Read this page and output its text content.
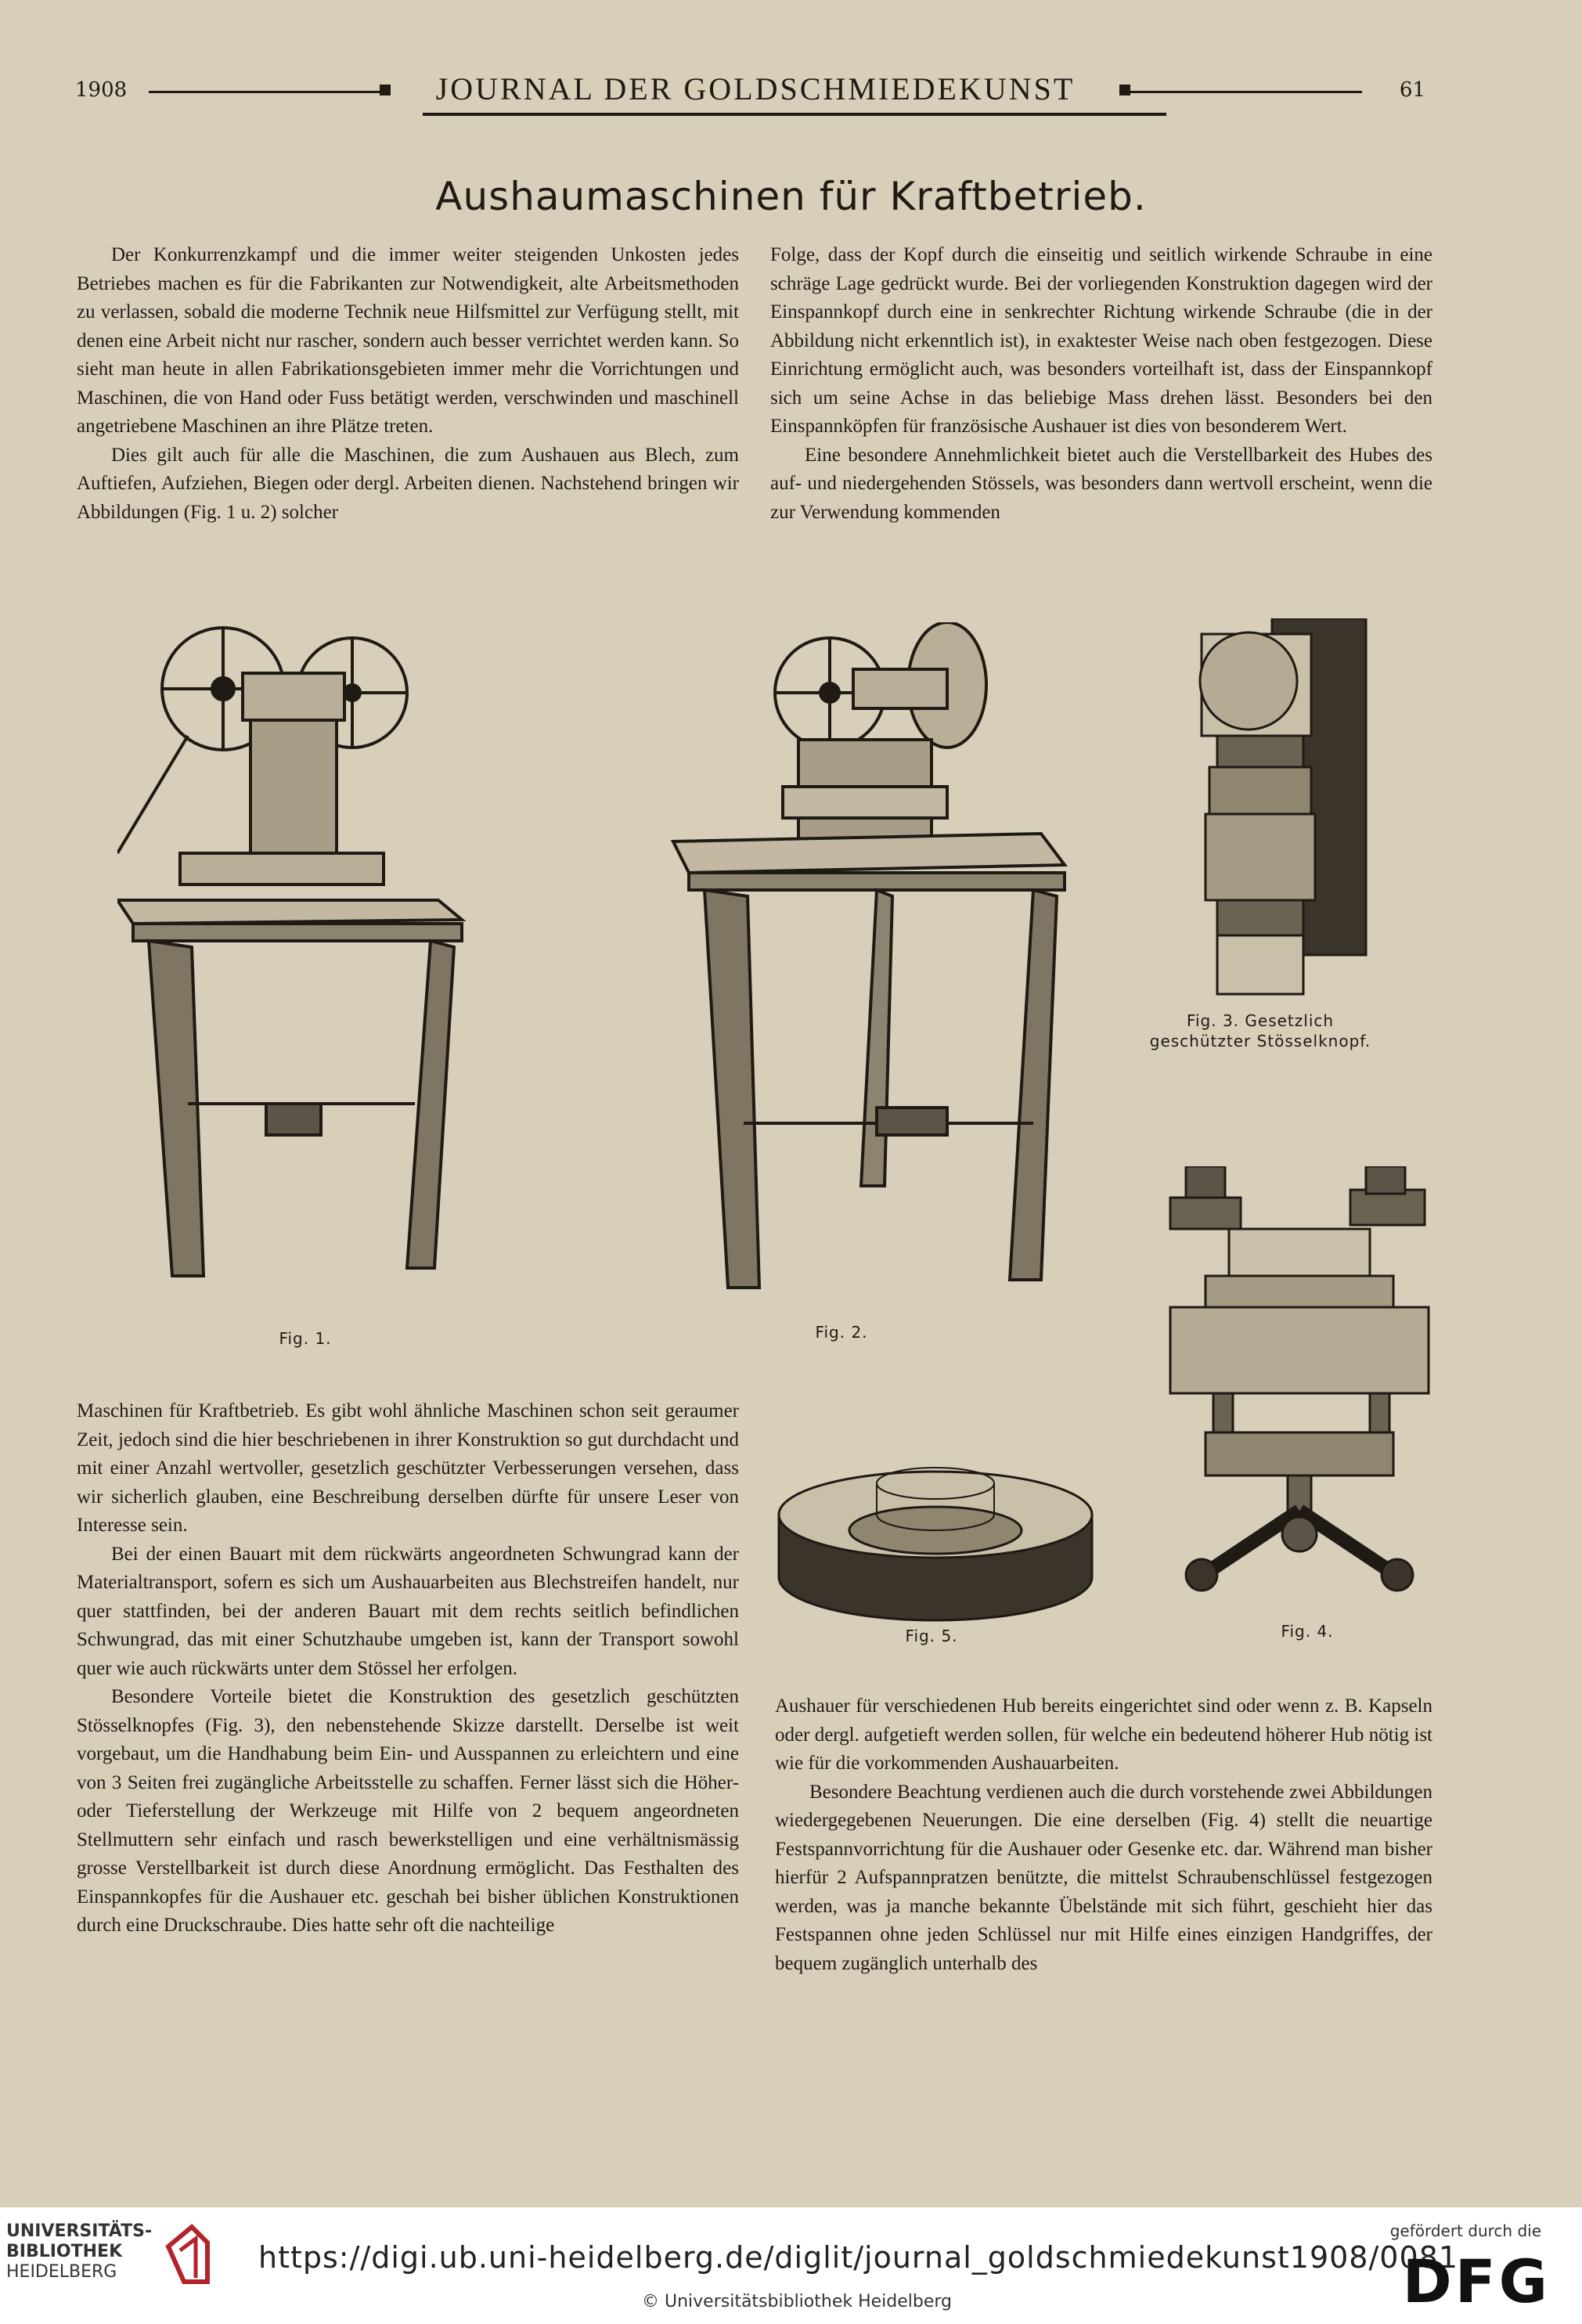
1908	JOURNAL DER GOLDSCHMIEDEKUNST	61
Aushaumaschinen für Kraftbetrieb.

Der Konkurrenzkampf und die immer weiter steigenden Unkosten jedes Betriebes machen es für die Fabrikanten zur Notwendigkeit, alte Arbeitsmethoden zu verlassen, sobald die moderne Technik neue Hilfsmittel zur Verfügung stellt, mit denen eine Arbeit nicht nur rascher, sondern auch besser verrichtet werden kann. So sieht man heute in allen Fabrikationsgebieten immer mehr die Vorrichtungen und Maschinen, die von Hand oder Fuss betätigt werden, verschwinden und maschinell angetriebene Maschinen an ihre Plätze treten.

Dies gilt auch für alle die Maschinen, die zum Aushauen aus Blech, zum Auftiefen, Aufziehen, Biegen oder dergl. Arbeiten dienen. Nachstehend bringen wir Abbildungen (Fig. 1 u. 2) solcher

Folge, dass der Kopf durch die einseitig und seitlich wirkende Schraube in eine schräge Lage gedrückt wurde. Bei der vorliegenden Konstruktion dagegen wird der Einspannkopf durch eine in senkrechter Richtung wirkende Schraube (die in der Abbildung nicht erkenntlich ist), in exaktester Weise nach oben festgezogen. Diese Einrichtung ermöglicht auch, was besonders vorteilhaft ist, dass der Einspannkopf sich um seine Achse in das beliebige Mass drehen lässt. Besonders bei den Einspannköpfen für französische Aushauer ist dies von besonderem Wert.

Eine besondere Annehmlichkeit bietet auch die Verstellbarkeit des Hubes des auf- und niedergehenden Stössels, was besonders dann wertvoll erscheint, wenn die zur Verwendung kommenden

Fig. 1.	Fig. 2.
Fig. 3. Gesetzlich
geschützter Stösselknopf.
Fig. 4.
Fig. 5.

Maschinen für Kraftbetrieb. Es gibt wohl ähnliche Maschinen schon seit geraumer Zeit, jedoch sind die hier beschriebenen in ihrer Konstruktion so gut durchdacht und mit einer Anzahl wertvoller, gesetzlich geschützter Verbesserungen versehen, dass wir sicherlich glauben, eine Beschreibung derselben dürfte für unsere Leser von Interesse sein.

Bei der einen Bauart mit dem rückwärts angeordneten Schwungrad kann der Materialtransport, sofern es sich um Aushauarbeiten aus Blechstreifen handelt, nur quer stattfinden, bei der anderen Bauart mit dem rechts seitlich befindlichen Schwungrad, das mit einer Schutzhaube umgeben ist, kann der Transport sowohl quer wie auch rückwärts unter dem Stössel her erfolgen.

Besondere Vorteile bietet die Konstruktion des gesetzlich geschützten Stösselknopfes (Fig. 3), den nebenstehende Skizze darstellt. Derselbe ist weit vorgebaut, um die Handhabung beim Ein- und Ausspannen zu erleichtern und eine von 3 Seiten frei zugängliche Arbeitsstelle zu schaffen. Ferner lässt sich die Höher- oder Tieferstellung der Werkzeuge mit Hilfe von 2 bequem angeordneten Stellmuttern sehr einfach und rasch bewerkstelligen und eine verhältnismässig grosse Verstellbarkeit ist durch diese Anordnung ermöglicht. Das Festhalten des Einspannkopfes für die Aushauer etc. geschah bei bisher üblichen Konstruktionen durch eine Druckschraube. Dies hatte sehr oft die nachteilige

Aushauer für verschiedenen Hub bereits eingerichtet sind oder wenn z. B. Kapseln oder dergl. aufgetieft werden sollen, für welche ein bedeutend höherer Hub nötig ist wie für die vorkommenden Aushauarbeiten.

Besondere Beachtung verdienen auch die durch vorstehende zwei Abbildungen wiedergegebenen Neuerungen. Die eine derselben (Fig. 4) stellt die neuartige Festspannvorrichtung für die Aushauer oder Gesenke etc. dar. Während man bisher hierfür 2 Aufspannpratzen benützte, die mittelst Schraubenschlüssel festgezogen werden, was ja manche bekannte Übelstände mit sich führt, geschieht hier das Festspannen ohne jeden Schlüssel nur mit Hilfe eines einzigen Handgriffes, der bequem zugänglich unterhalb des

UNIVERSITÄTS-
BIBLIOTHEK
HEIDELBERG	https://digi.ub.uni-heidelberg.de/diglit/journal_goldschmiedekunst1908/0081
© Universitätsbibliothek Heidelberg
gefördert durch die
DFG
